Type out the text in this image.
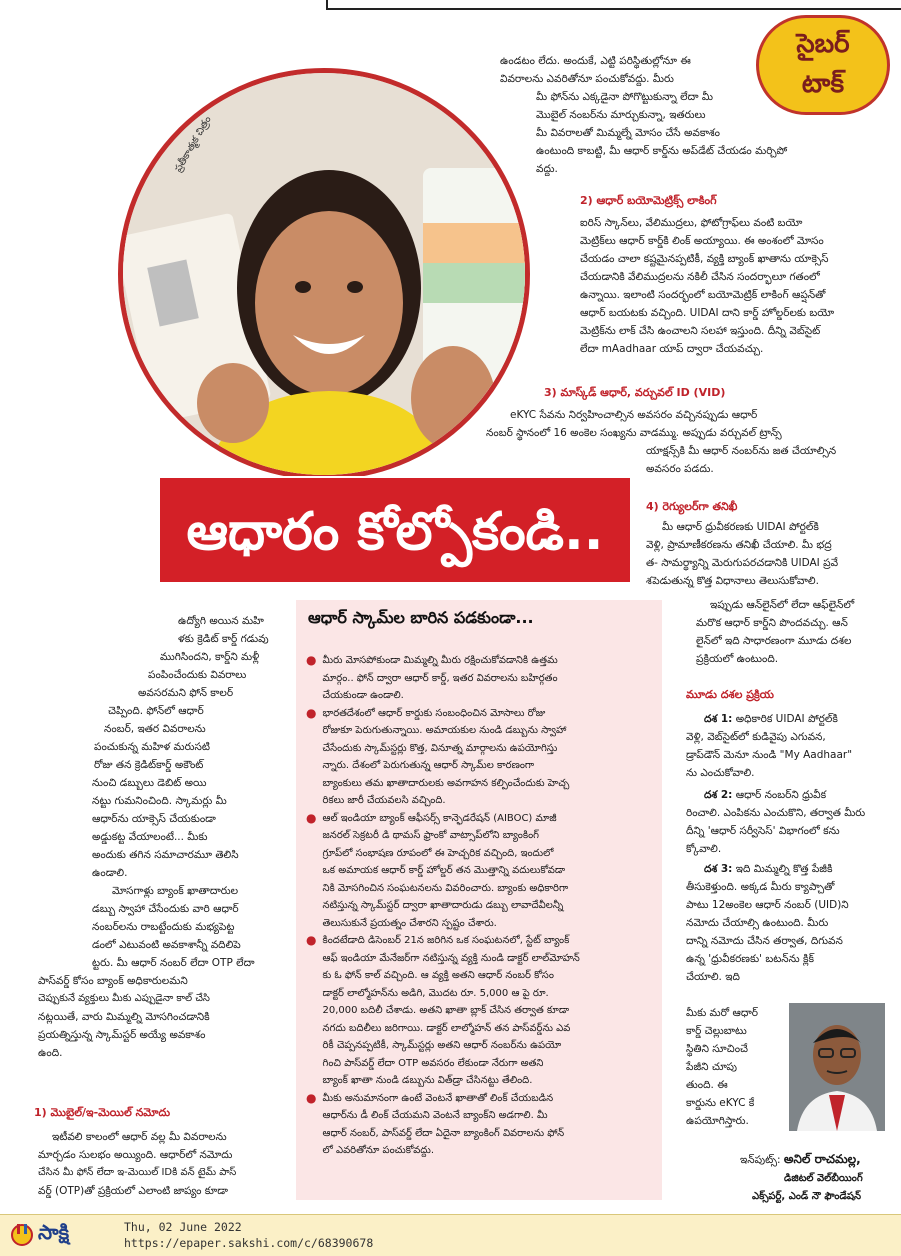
సైబర్
టాక్
ప్రతీకాత్మక చిత్రం
ఉండటం లేదు. అందుకే, ఎట్టి పరిస్థితుల్లోనూ ఈ
వివరాలను ఎవరితోనూ పంచుకోవద్దు. మీరు
మీ ఫోన్‌ను ఎక్కడైనా పోగొట్టుకున్నా లేదా మీ
మొబైల్ నంబర్‌ను మార్చుకున్నా, ఇతరులు
మీ వివరాలతో మిమ్మల్నే మోసం చేసే అవకాశం
ఉంటుంది కాబట్టి, మీ ఆధార్ కార్డ్‌ను అప్‌డేట్ చేయడం మర్చిపో
వద్దు.
2) ఆధార్ బయోమెట్రిక్స్ లాకింగ్
ఐరిస్ స్కాన్‌లు, వేలిముద్రలు, ఫోటోగ్రాఫ్‌లు వంటి బయో
మెట్రిక్‌లు ఆధార్ కార్డ్‌కి లింక్ అయ్యాయి. ఈ అంశంలో మోసం
చేయడం చాలా కష్టమైనప్పటికీ, వ్యక్తి బ్యాంక్ ఖాతాను యాక్సెస్
చేయడానికి వేలిముద్రలను నకిలీ చేసిన సందర్భాలూ గతంలో
ఉన్నాయి. ఇలాంటి సందర్భంలో బయోమెట్రిక్ లాకింగ్ ఆప్షన్‌తో
ఆధార్ బయటకు వచ్చింది. UIDAI దాని కార్డ్ హోల్డర్‌లకు బయో
మెట్రిక్‌ను లాక్ చేసి ఉంచాలని సలహా ఇస్తుంది. దీన్ని వెబ్‌సైట్
లేదా mAadhaar యాప్ ద్వారా చేయవచ్చు.
3) మాస్క్‌డ్ ఆధార్, వర్చువల్ ID (VID)
eKYC సేవను నిర్వహించాల్సిన అవసరం వచ్చినప్పుడు ఆధార్
నంబర్ స్థానంలో 16 అంకెల సంఖ్యను వాడమ్ము. అప్పుడు వర్చువల్ ట్రాన్స్
యాక్షన్స్‌కి మీ ఆధార్ నంబర్‌ను జత చేయాల్సిన
అవసరం పడదు.
ఆధారం కోల్పోకండి..	4) రెగ్యులర్‌గా తనిఖీ
మీ ఆధార్ ధ్రువీకరణకు UIDAI పోర్టల్‌కి
వెళ్లి, ప్రామాణీకరణను తనిఖీ చేయాలి. మీ భద్ర
త- సామర్థ్యాన్ని మెరుగుపరచడానికి UIDAI ప్రవే
శపెడుతున్న కొత్త విధానాలు తెలుసుకోవాలి.
ఇప్పుడు ఆన్‌లైన్‌లో లేదా ఆఫ్‌లైన్‌లో
మరొక ఆధార్ కార్డ్‌ని పొందవచ్చు. ఆన్
లైన్‌లో ఇది సాధారణంగా మూడు దశల
ప్రక్రియలో ఉంటుంది.
మూడు దశల ప్రక్రియ
దశ 1: అధికారిక UIDAI పోర్టల్‌కి
వెళ్లి, వెబ్‌సైట్‌లో కుడివైపు ఎగువన,
డ్రాప్‌డౌన్ మెనూ నుండి "My Aadhaar"
ను ఎంచుకోవాలి.
దశ 2: ఆధార్ నంబర్‌ని ధ్రువీక
రించాలి. ఎంపికను ఎంచుకొని, తర్వాత మీరు
దీన్ని 'ఆధార్ సర్వీసెస్' విభాగంలో కను
క్కోవాలి.
దశ 3: ఇది మిమ్మల్ని కొత్త పేజీకి
తీసుకెళ్తుంది. అక్కడ మీరు క్యాప్చాతో
పాటు 12అంకెల ఆధార్ నంబర్ (UID)ని
నమోదు చేయాల్సి ఉంటుంది. మీరు
దాన్ని నమోదు చేసిన తర్వాత, దిగువన
ఉన్న 'ధ్రువీకరణకు' బటన్‌ను క్లిక్
చేయాలి. ఇది
మీకు మరో ఆధార్
కార్డ్ చెల్లుబాటు
స్థితిని సూచించే
పేజీని చూపు
తుంది. ఈ
కార్డును eKYC కే
ఉపయోగిస్తారు.
ఇన్‌పుట్స్: అనిల్ రాచమల్ల,
డిజిటల్ వెల్‌బీయింగ్
ఎక్స్‌పర్ట్, ఎండ్ నౌ ఫౌండేషన్
ఉద్యోగి అయిన మహి
ళకు క్రెడిట్ కార్డ్ గడువు
ముగిసిందని, కార్డ్‌ని మళ్లీ
పంపించేందుకు వివరాలు
అవసరమని ఫోన్ కాలర్
చెప్పింది. ఫోన్‌లో ఆధార్
నంబర్, ఇతర వివరాలను
పంచుకున్న మహిళ మరుసటి
రోజు తన క్రెడిట్‌కార్డ్ అకౌంట్
నుంచి డబ్బులు డెబిట్ అయి
నట్టు గుమనించింది. స్కామర్లు మీ
ఆధార్‌ను యాక్సెస్ చేయకుండా
అడ్డుకట్ట వేయాలంటే... మీకు
అందుకు తగిన సమాచారమూ తెలిసి
ఉండాలి.
మోసగాళ్లు బ్యాంక్ ఖాతాదారుల
డబ్బు స్వాహా చేసేందుకు వారి ఆధార్
నంబర్‌లను రాబట్టేందుకు మభ్యపెట్ట
డంలో ఎటువంటి అవకాశాన్నీ వదిలిపె
ట్టరు. మీ ఆధార్ నంబర్ లేదా OTP లేదా
పాస్‌వర్డ్ కోసం బ్యాంక్ అధికారులమని
చెప్పుకునే వ్యక్తులు మీకు ఎప్పుడైనా కాల్ చేసి
నట్లయితే, వారు మిమ్మల్ని మోసగించడానికి
ప్రయత్నిస్తున్న స్కామ్‌స్టర్ అయ్యే అవకాశం
ఉంది.
1) మొబైల్/ఇ-మెయిల్ నమోదు
ఇటీవలి కాలంలో ఆధార్ వల్ల మీ వివరాలను
మార్చడం సులభం అయ్యింది. ఆధార్‌లో నమోదు
చేసిన మీ ఫోన్ లేదా ఇ-మెయిల్ IDకి వన్ టైమ్ పాస్
వర్డ్ (OTP)తో ప్రక్రియలో ఎలాంటి జాప్యం కూడా
ఆధార్ స్కామ్‌ల బారిన పడకుండా...
● మీరు మోసపోకుండా మిమ్మల్ని మీరు రక్షించుకోవడానికి ఉత్తమ
మార్గం.. ఫోన్ ద్వారా ఆధార్ కార్డ్, ఇతర వివరాలను బహిర్గతం
చేయకుండా ఉండాలి.
● భారతదేశంలో ఆధార్ కార్డుకు సంబంధించిన మోసాలు రోజు
రోజుకూ పెరుగుతున్నాయి. అమాయకుల నుండి డబ్బును స్వాహా
చేసేందుకు స్కామ్‌స్టర్లు కొత్త, వినూత్న మార్గాలను ఉపయోగిస్తు
న్నారు. దేశంలో పెరుగుతున్న ఆధార్ స్కామ్‌ల కారణంగా
బ్యాంకులు తమ ఖాతాదారులకు అవగాహన కల్పించేందుకు హెచ్చ
రికలు జారీ చేయవలసి వచ్చింది.
● ఆల్ ఇండియా బ్యాంక్ ఆఫీసర్స్ కాన్ఫెడరేషన్ (AIBOC) మాజీ
జనరల్ సెక్రటరీ డి థామస్ ఫ్రాంకో వాట్సాప్‌లోని బ్యాంకింగ్
గ్రూప్‌లో సంభాషణ రూపంలో ఈ హెచ్చరిక వచ్చింది, ఇందులో
ఒక అమాయక ఆధార్ కార్డ్ హోల్డర్ తన మొత్తాన్ని వదులుకోవడా
నికి మోసగించిన సంఘటనలను వివరించారు. బ్యాంకు అధికారిగా
నటిస్తున్న స్కామ్‌స్టర్ ద్వారా ఖాతాదారుడు డబ్బు లావాదేవీలన్నీ
తెలుసుకునే ప్రయత్నం చేశారని స్పష్టం చేశారు.
● కిందటేడాది డిసెంబర్ 21న జరిగిన ఒక సంఘటనలో, స్టేట్ బ్యాంక్
ఆఫ్ ఇండియా మేనేజర్‌గా నటిస్తున్న వ్యక్తి నుండి డాక్టర్ లాల్‌మోహన్
కు ఓ ఫోన్ కాల్ వచ్చింది. ఆ వ్యక్తి అతని ఆధార్ నంబర్ కోసం
డాక్టర్ లాల్మోహన్‌ను అడిగి, మొదట రూ. 5,000 ఆ పై రూ.
20,000 బదిలీ చేశాడు. అతని ఖాతా బ్లాక్ చేసిన తర్వాత కూడా
నగదు బదిలీలు జరిగాయి. డాక్టర్ లాల్మోహన్ తన పాస్‌వర్డ్‌ను ఎవ
రికీ చెప్పనప్పటికీ, స్కామ్‌స్టర్లు అతని ఆధార్ నంబర్‌ను ఉపయో
గించి పాస్‌వర్డ్ లేదా OTP అవసరం లేకుండా నేరుగా అతని
బ్యాంక్ ఖాతా నుండి డబ్బును విత్‌డ్రా చేసినట్టు తేలింది.
● మీకు అనుమానంగా ఉంటే వెంటనే ఖాతాతో లింక్ చేయబడిన
ఆధార్‌ను డీ లింక్ చేయమని వెంటనే బ్యాంక్‌ని అడగాలి. మీ
ఆధార్ నంబర్, పాస్‌వర్డ్ లేదా ఏదైనా బ్యాంకింగ్ వివరాలను ఫోన్
లో ఎవరితోనూ పంచుకోవద్దు.
సాక్షి	Thu, 02 June 2022
https://epaper.sakshi.com/c/68390678
